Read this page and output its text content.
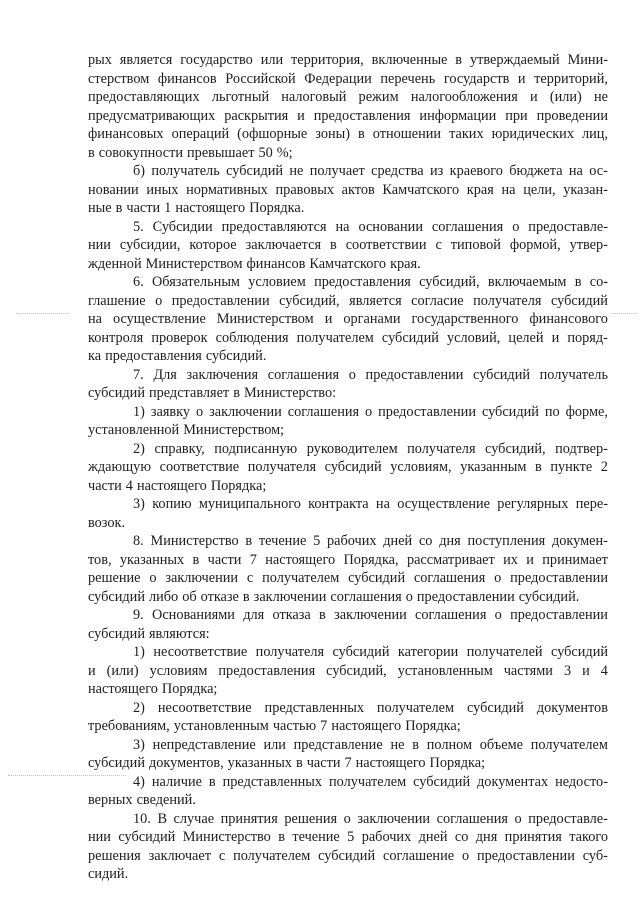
рых является государство или территория, включенные в утверждаемый Мини-
стерством финансов Российской Федерации перечень государств и территорий,
предоставляющих льготный налоговый режим налогообложения и (или) не
предусматривающих раскрытия и предоставления информации при проведении
финансовых операций (офшорные зоны) в отношении таких юридических лиц,
в совокупности превышает 50 %;
б) получатель субсидий не получает средства из краевого бюджета на ос-
новании иных нормативных правовых актов Камчатского края на цели, указан-
ные в части 1 настоящего Порядка.
5. Субсидии предоставляются на основании соглашения о предоставле-
нии субсидии, которое заключается в соответствии с типовой формой, утвер-
жденной Министерством финансов Камчатского края.
6. Обязательным условием предоставления субсидий, включаемым в со-
глашение о предоставлении субсидий, является согласие получателя субсидий
на осуществление Министерством и органами государственного финансового
контроля проверок соблюдения получателем субсидий условий, целей и поряд-
ка предоставления субсидий.
7. Для заключения соглашения о предоставлении субсидий получатель
субсидий представляет в Министерство:
1) заявку о заключении соглашения о предоставлении субсидий по форме,
установленной Министерством;
2) справку, подписанную руководителем получателя субсидий, подтвер-
ждающую соответствие получателя субсидий условиям, указанным в пункте 2
части 4 настоящего Порядка;
3) копию муниципального контракта на осуществление регулярных пере-
возок.
8. Министерство в течение 5 рабочих дней со дня поступления докумен-
тов, указанных в части 7 настоящего Порядка, рассматривает их и принимает
решение о заключении с получателем субсидий соглашения о предоставлении
субсидий либо об отказе в заключении соглашения о предоставлении субсидий.
9. Основаниями для отказа в заключении соглашения о предоставлении
субсидий являются:
1) несоответствие получателя субсидий категории получателей субсидий
и (или) условиям предоставления субсидий, установленным частями 3 и 4
настоящего Порядка;
2) несоответствие представленных получателем субсидий документов
требованиям, установленным частью 7 настоящего Порядка;
3) непредставление или представление не в полном объеме получателем
субсидий документов, указанных в части 7 настоящего Порядка;
4) наличие в представленных получателем субсидий документах недосто-
верных сведений.
10. В случае принятия решения о заключении соглашения о предоставле-
нии субсидий Министерство в течение 5 рабочих дней со дня принятия такого
решения заключает с получателем субсидий соглашение о предоставлении суб-
сидий.
